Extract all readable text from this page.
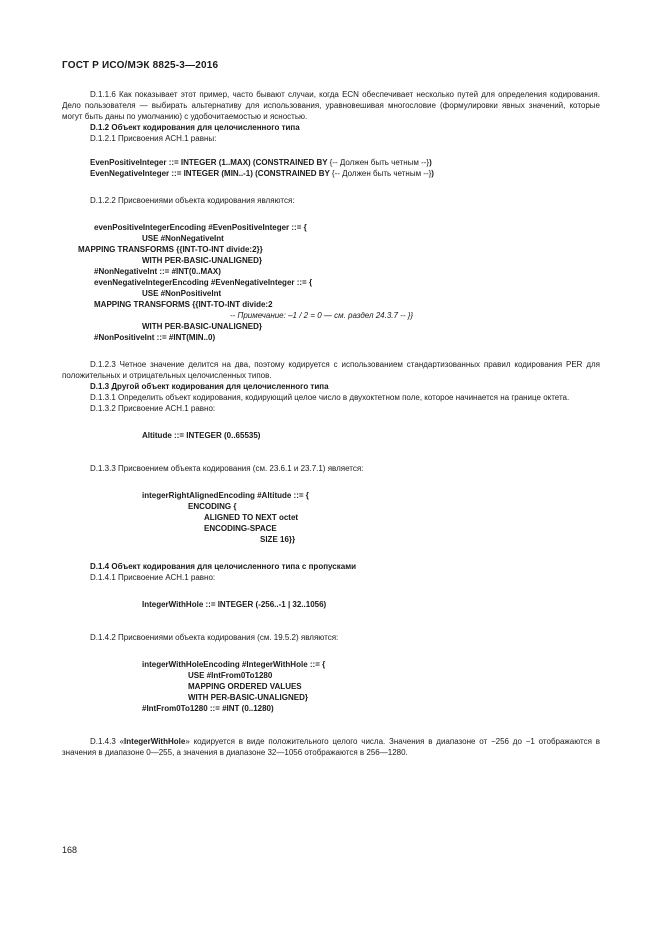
ГОСТ Р ИСО/МЭК 8825-3—2016

D.1.1.6 Как показывает этот пример, часто бывают случаи, когда ECN обеспечивает несколько путей для определения кодирования. Дело пользователя — выбирать альтернативу для использования, уравновешивая многословие (формулировки явных значений, которые могут быть даны по умолчанию) с удобочитаемостью и ясностью.

D.1.2 Объект кодирования для целочисленного типа

D.1.2.1 Присвоения АСН.1 равны:

EvenPositiveInteger ::= INTEGER (1..MAX) (CONSTRAINED BY {-- Должен быть четным --})

EvenNegativeInteger ::= INTEGER (MIN..-1) (CONSTRAINED BY {-- Должен быть четным --})

D.1.2.2 Присвоениями объекта кодирования являются:

evenPositiveIntegerEncoding #EvenPositiveInteger ::= {

USE #NonNegativeInt

MAPPING TRANSFORMS {{INT-TO-INT divide:2}}

WITH PER-BASIC-UNALIGNED}

#NonNegativeInt ::= #INT(0..MAX)

evenNegativeIntegerEncoding #EvenNegativeInteger ::= {

USE #NonPositiveInt

MAPPING TRANSFORMS {{INT-TO-INT divide:2

-- Примечание: –1 / 2 = 0 — см. раздел 24.3.7 -- }}

WITH PER-BASIC-UNALIGNED}

#NonPositiveInt ::= #INT(MIN..0)

D.1.2.3 Четное значение делится на два, поэтому кодируется с использованием стандартизованных правил кодирования PER для положительных и отрицательных целочисленных типов.

D.1.3 Другой объект кодирования для целочисленного типа

D.1.3.1 Определить объект кодирования, кодирующий целое число в двухоктетном поле, которое начинается на границе октета.

D.1.3.2 Присвоение АСН.1 равно:

Altitude ::= INTEGER (0..65535)

D.1.3.3 Присвоением объекта кодирования (см. 23.6.1 и 23.7.1) является:

integerRightAlignedEncoding #Altitude ::= {

ENCODING {

ALIGNED TO NEXT octet

ENCODING-SPACE

SIZE 16}}

D.1.4 Объект кодирования для целочисленного типа с пропусками

D.1.4.1 Присвоение АСН.1 равно:

IntegerWithHole ::= INTEGER (-256..-1 | 32..1056)

D.1.4.2 Присвоениями объекта кодирования (см. 19.5.2) являются:

integerWithHoleEncoding #IntegerWithHole ::= {

USE #IntFrom0To1280

MAPPING ORDERED VALUES

WITH PER-BASIC-UNALIGNED}

#IntFrom0To1280 ::= #INT (0..1280)

D.1.4.3 «IntegerWithHole» кодируется в виде положительного целого числа. Значения в диапазоне от −256 до −1 отображаются в значения в диапазоне 0—255, а значения в диапазоне 32—1056 отображаются в 256—1280.

168
